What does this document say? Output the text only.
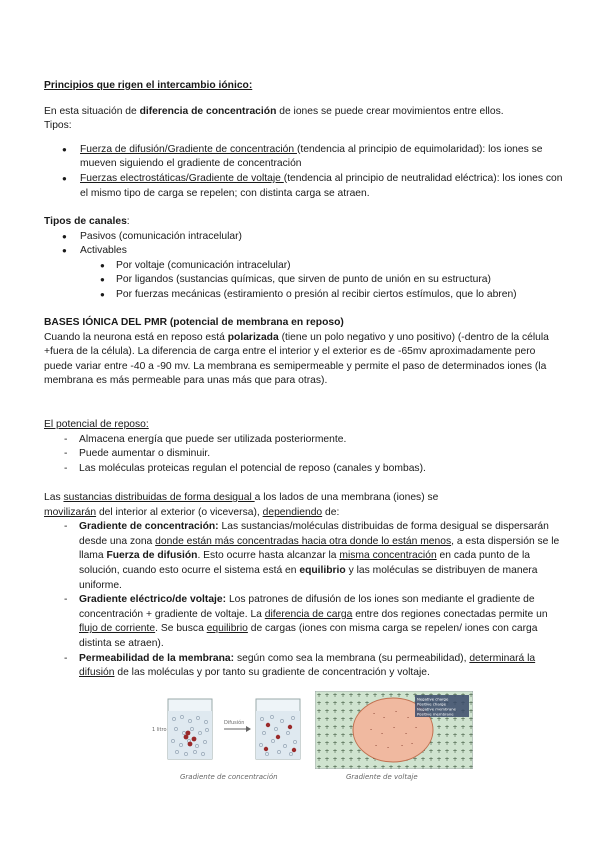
Principios que rigen el intercambio iónico:

En esta situación de diferencia de concentración de iones se puede crear movimientos entre ellos.

Tipos:

● Fuerza de difusión/Gradiente de concentración (tendencia al principio de equimolaridad): los iones se mueven siguiendo el gradiente de concentración
● Fuerzas electrostáticas/Gradiente de voltaje (tendencia al principio de neutralidad eléctrica): los iones con el mismo tipo de carga se repelen; con distinta carga se atraen.

Tipos de canales:

● Pasivos (comunicación intracelular)
● Activables
● Por voltaje (comunicación intracelular)
● Por ligandos (sustancias químicas, que sirven de punto de unión en su estructura)
● Por fuerzas mecánicas (estiramiento o presión al recibir ciertos estímulos, que lo abren)

BASES IÓNICA DEL PMR (potencial de membrana en reposo)

Cuando la neurona está en reposo está polarizada (tiene un polo negativo y uno positivo) (-dentro de la célula +fuera de la célula). La diferencia de carga entre el interior y el exterior es de -65mv aproximadamente pero puede variar entre -40 a -90 mv. La membrana es semipermeable y permite el paso de determinados iones (la membrana es más permeable para unas más que para otras).

El potencial de reposo:

- Almacena energía que puede ser utilizada posteriormente.
- Puede aumentar o disminuir.
- Las moléculas proteicas regulan el potencial de reposo (canales y bombas).

Las sustancias distribuidas de forma desigual a los lados de una membrana (iones) se
movilizarán del interior al exterior (o viceversa), dependiendo de:

- Gradiente de concentración: Las sustancias/moléculas distribuidas de forma desigual se dispersarán desde una zona donde están más concentradas hacia otra donde lo están menos, a esta dispersión se le llama Fuerza de difusión. Esto ocurre hasta alcanzar la misma concentración en cada punto de la solución, cuando esto ocurre el sistema está en equilibrio y las moléculas se distribuyen de manera uniforme.
- Gradiente eléctrico/de voltaje: Los patrones de difusión de los iones son mediante el gradiente de concentración + gradiente de voltaje. La diferencia de carga entre dos regiones conectadas permite un flujo de corriente. Se busca equilibrio de cargas (iones con misma carga se repelen/ iones con carga distinta se atraen).
- Permeabilidad de la membrana: según como sea la membrana (su permeabilidad), determinará la difusión de las moléculas y por tanto su gradiente de concentración y voltaje.
1 litro
Difusión
-
-
-
-
-
-
-
-
-
- - - -
Negative charge
Positive charge
Negative membrane
Positive membrane
Gradiente de concentración	Gradiente de voltaje
